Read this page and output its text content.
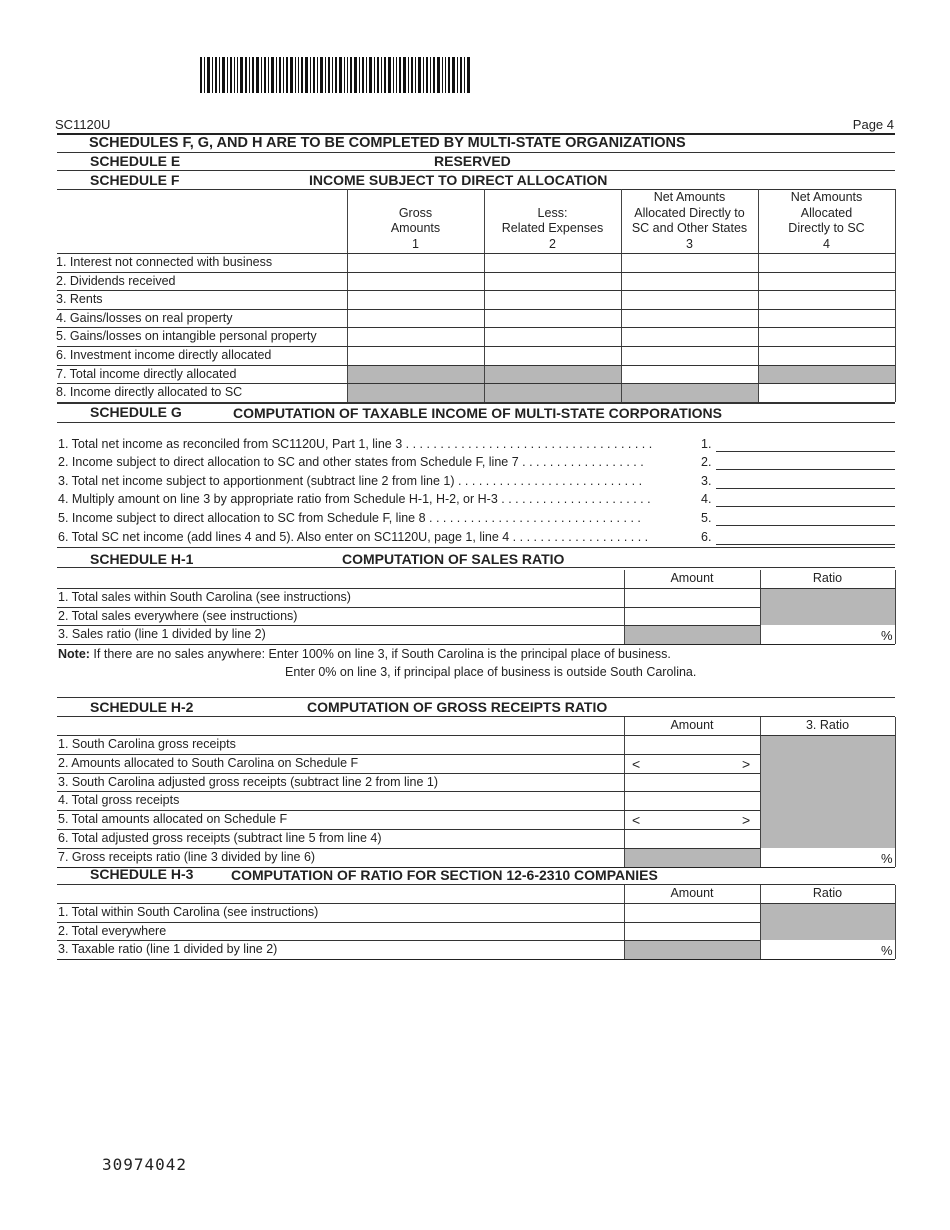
SC1120U	Page 4
SCHEDULES F, G, AND H ARE TO BE COMPLETED BY MULTI-STATE ORGANIZATIONS
SCHEDULE E	RESERVED
SCHEDULE F	INCOME SUBJECT TO DIRECT ALLOCATION

Gross
Amounts
1

Less:
Related Expenses
2
Net Amounts
Allocated Directly to
SC and Other States
3
Net Amounts
Allocated
Directly to SC
4
1. Interest not connected with business
2. Dividends received
3. Rents
4. Gains/losses on real property
5. Gains/losses on intangible personal property
6. Investment income directly allocated
7. Total income directly allocated
8. Income directly allocated to SC
SCHEDULE G	COMPUTATION OF TAXABLE INCOME OF MULTI-STATE CORPORATIONS
1. Total net income as reconciled from SC1120U, Part 1, line 3 . . . . . . . . . . . . . . . . . . . . . . . . . . . . . . . . . . . .	1.
2. Income subject to direct allocation to SC and other states from Schedule F, line 7 . . . . . . . . . . . . . . . . . .	2.
3. Total net income subject to apportionment (subtract line 2 from line 1) . . . . . . . . . . . . . . . . . . . . . . . . . . .	3.
4. Multiply amount on line 3 by appropriate ratio from Schedule H-1, H-2, or H-3 . . . . . . . . . . . . . . . . . . . . . .	4.
5. Income subject to direct allocation to SC from Schedule F, line 8 . . . . . . . . . . . . . . . . . . . . . . . . . . . . . . .	5.
6. Total SC net income (add lines 4 and 5). Also enter on SC1120U, page 1, line 4 . . . . . . . . . . . . . . . . . . . .	6.
SCHEDULE H-1	COMPUTATION OF SALES RATIO
Amount	Ratio
1. Total sales within South Carolina (see instructions)
2. Total sales everywhere (see instructions)
3. Sales ratio (line 1 divided by line 2)	%
Note: If there are no sales anywhere: Enter 100% on line 3, if South Carolina is the principal place of business.
Enter 0% on line 3, if principal place of business is outside South Carolina.
SCHEDULE H-2	COMPUTATION OF GROSS RECEIPTS RATIO
Amount	3. Ratio
1. South Carolina gross receipts
2. Amounts allocated to South Carolina on Schedule F	<	>
3. South Carolina adjusted gross receipts (subtract line 2 from line 1)
4. Total gross receipts
5. Total amounts allocated on Schedule F	<	>
6. Total adjusted gross receipts (subtract line 5 from line 4)
7. Gross receipts ratio (line 3 divided by line 6)	%
SCHEDULE H-3	COMPUTATION OF RATIO FOR SECTION 12-6-2310 COMPANIES
Amount	Ratio
1. Total within South Carolina (see instructions)
2. Total everywhere
3. Taxable ratio (line 1 divided by line 2)	%
30974042
